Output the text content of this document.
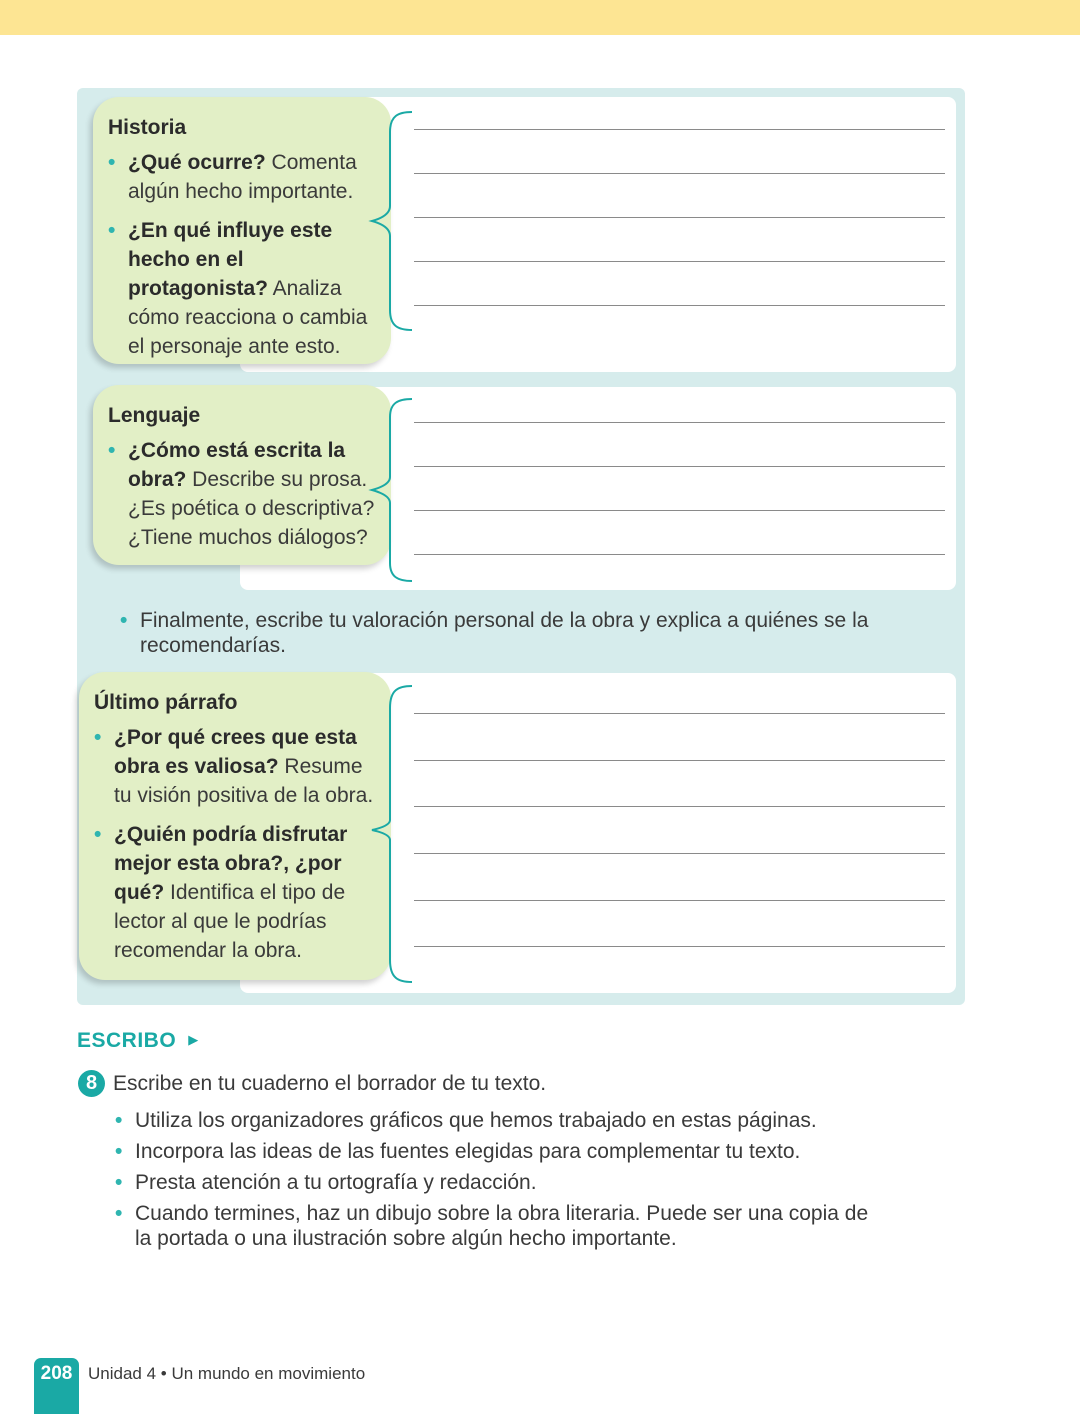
Historia
• ¿Qué ocurre? Comenta algún hecho importante.
• ¿En qué influye este hecho en el protagonista? Analiza cómo reacciona o cambia el personaje ante esto.
Lenguaje
• ¿Cómo está escrita la obra? Describe su prosa. ¿Es poética o descriptiva? ¿Tiene muchos diálogos?
• Finalmente, escribe tu valoración personal de la obra y explica a quiénes se la recomendarías.
Último párrafo
• ¿Por qué crees que esta obra es valiosa? Resume tu visión positiva de la obra.
• ¿Quién podría disfrutar mejor esta obra?, ¿por qué? Identifica el tipo de lector al que le podrías recomendar la obra.
ESCRIBO ▶
8 Escribe en tu cuaderno el borrador de tu texto.
• Utiliza los organizadores gráficos que hemos trabajado en estas páginas.
• Incorpora las ideas de las fuentes elegidas para complementar tu texto.
• Presta atención a tu ortografía y redacción.
• Cuando termines, haz un dibujo sobre la obra literaria. Puede ser una copia de la portada o una ilustración sobre algún hecho importante.
208 Unidad 4 • Un mundo en movimiento
